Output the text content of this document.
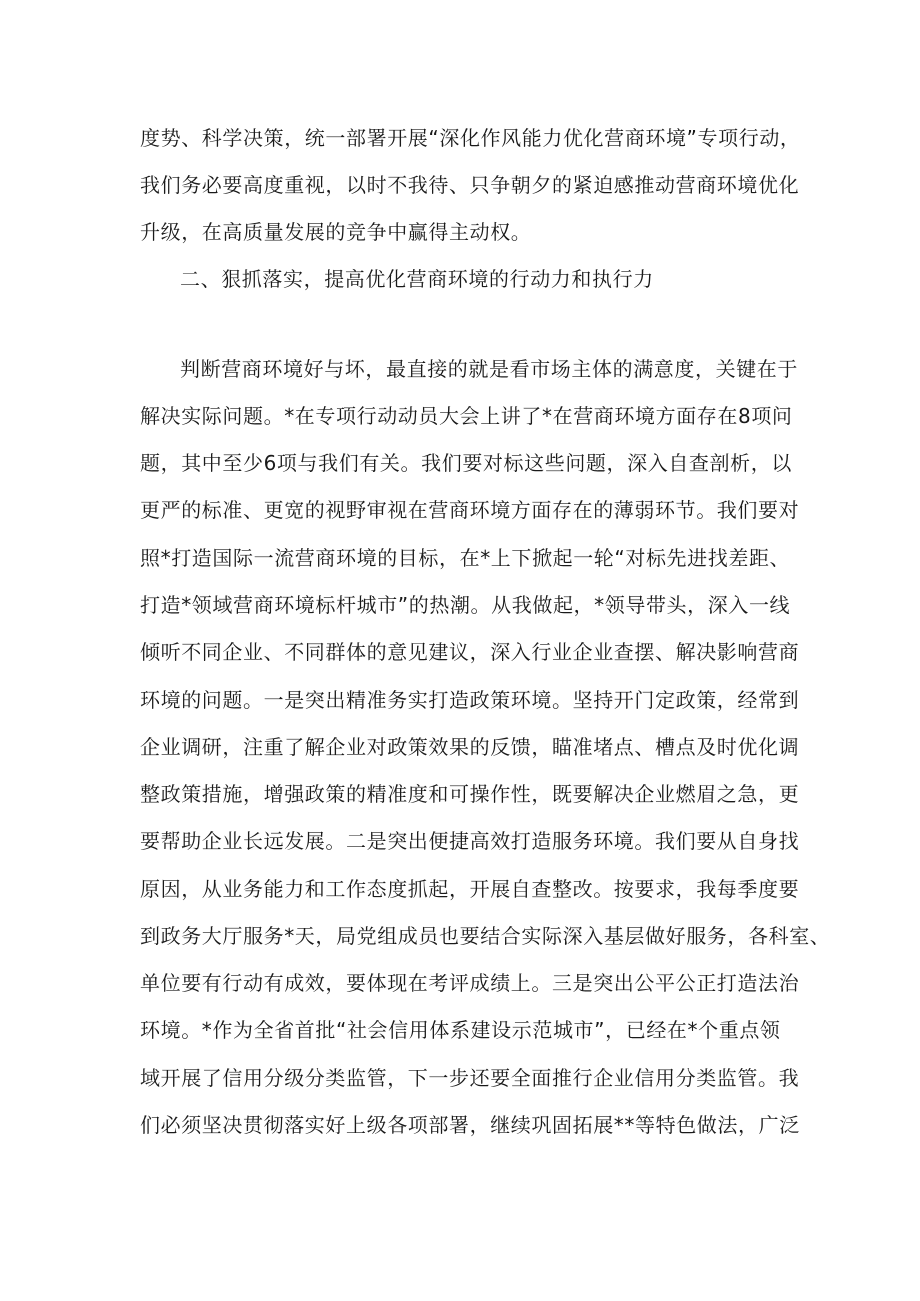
度势、科学决策，统一部署开展“深化作风能力优化营商环境”专项行动，
我们务必要高度重视，以时不我待、只争朝夕的紧迫感推动营商环境优化
升级，在高质量发展的竞争中赢得主动权。
二、狠抓落实，提高优化营商环境的行动力和执行力
判断营商环境好与坏，最直接的就是看市场主体的满意度，关键在于
解决实际问题。*在专项行动动员大会上讲了*在营商环境方面存在8项问
题，其中至少6项与我们有关。我们要对标这些问题，深入自查剖析，以
更严的标准、更宽的视野审视在营商环境方面存在的薄弱环节。我们要对
照*打造国际一流营商环境的目标，在*上下掀起一轮“对标先进找差距、
打造*领域营商环境标杆城市”的热潮。从我做起，*领导带头，深入一线
倾听不同企业、不同群体的意见建议，深入行业企业查摆、解决影响营商
环境的问题。一是突出精准务实打造政策环境。坚持开门定政策，经常到
企业调研，注重了解企业对政策效果的反馈，瞄准堵点、槽点及时优化调
整政策措施，增强政策的精准度和可操作性，既要解决企业燃眉之急，更
要帮助企业长远发展。二是突出便捷高效打造服务环境。我们要从自身找
原因，从业务能力和工作态度抓起，开展自查整改。按要求，我每季度要
到政务大厅服务*天，局党组成员也要结合实际深入基层做好服务，各科室、
单位要有行动有成效，要体现在考评成绩上。三是突出公平公正打造法治
环境。*作为全省首批“社会信用体系建设示范城市”，已经在*个重点领
域开展了信用分级分类监管，下一步还要全面推行企业信用分类监管。我
们必须坚决贯彻落实好上级各项部署，继续巩固拓展**等特色做法，广泛
